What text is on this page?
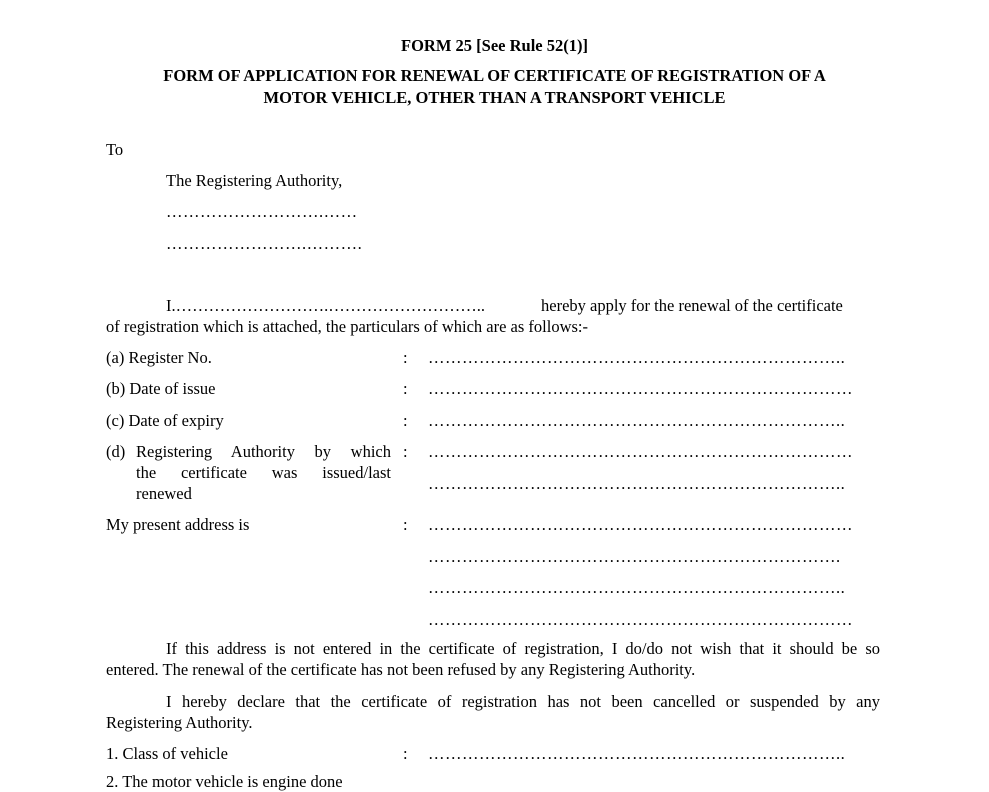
FORM 25 [See Rule 52(1)]
FORM OF APPLICATION FOR RENEWAL OF CERTIFICATE OF REGISTRATION OF A
MOTOR VEHICLE, OTHER THAN A TRANSPORT VEHICLE
To
The Registering Authority,
……………………….……
…………………….……….
I.……………………….………………………..	hereby apply for the renewal of the certificate
of registration which is attached, the particulars of which are as follows:-
(a) Register No.	: ………………………………………………………………..
(b) Date of issue	: …………………………………………………………………
(c) Date of expiry	: ………………………………………………………………..
(d) Registering Authority by which
the certificate was issued/last
renewed
: …………………………………………………………………
………………………………………………………………..
My present address is	: …………………………………………………………………
……………………………………………………………….
………………………………………………………………..
…………………………………………………………………
If this address is not entered in the certificate of registration, I do/do not wish that it should be so
entered. The renewal of the certificate has not been refused by any Registering Authority.
I hereby declare that the certificate of registration has not been cancelled or suspended by any
Registering Authority.
1. Class of vehicle	: ………………………………………………………………..
2. The motor vehicle is engine done
